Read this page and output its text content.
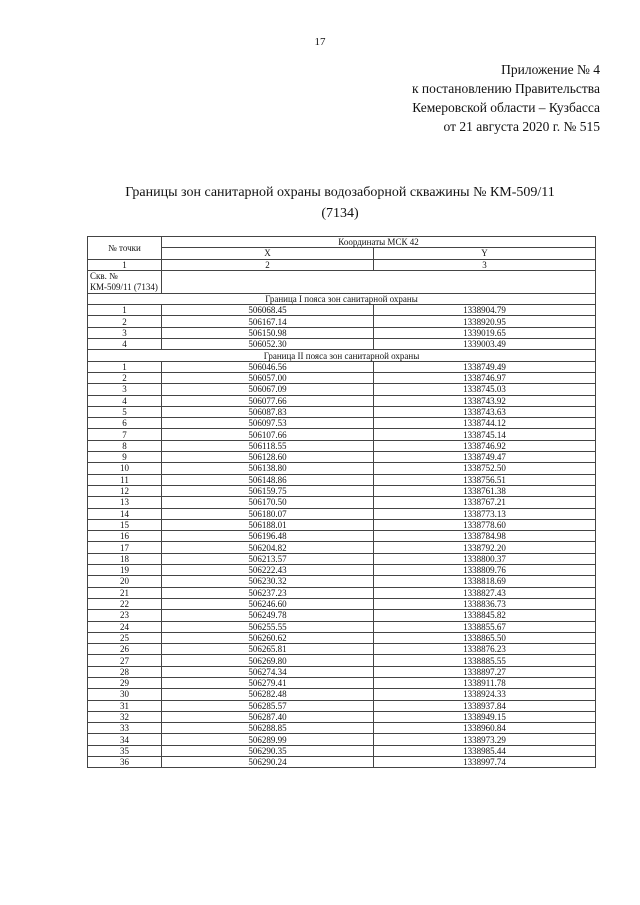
17
Приложение № 4
к постановлению Правительства
Кемеровской области – Кузбасса
от 21 августа 2020 г. № 515
Границы зон санитарной охраны водозаборной скважины № КМ-509/11
(7134)
№ точки	Координаты МСК 42	
	X	Y
1	2	3
Скв. № КМ-509/11 (7134)		
Граница I пояса зон санитарной охраны		
1	506068.45	1338904.79
2	506167.14	1338920.95
3	506150.98	1339019.65
4	506052.30	1339003.49
Граница II пояса зон санитарной охраны		
1	506046.56	1338749.49
2	506057.00	1338746.97
3	506067.09	1338745.03
4	506077.66	1338743.92
5	506087.83	1338743.63
6	506097.53	1338744.12
7	506107.66	1338745.14
8	506118.55	1338746.92
9	506128.60	1338749.47
10	506138.80	1338752.50
11	506148.86	1338756.51
12	506159.75	1338761.38
13	506170.50	1338767.21
14	506180.07	1338773.13
15	506188.01	1338778.60
16	506196.48	1338784.98
17	506204.82	1338792.20
18	506213.57	1338800.37
19	506222.43	1338809.76
20	506230.32	1338818.69
21	506237.23	1338827.43
22	506246.60	1338836.73
23	506249.78	1338845.82
24	506255.55	1338855.67
25	506260.62	1338865.50
26	506265.81	1338876.23
27	506269.80	1338885.55
28	506274.34	1338897.27
29	506279.41	1338911.78
30	506282.48	1338924.33
31	506285.57	1338937.84
32	506287.40	1338949.15
33	506288.85	1338960.84
34	506289.99	1338973.29
35	506290.35	1338985.44
36	506290.24	1338997.74
